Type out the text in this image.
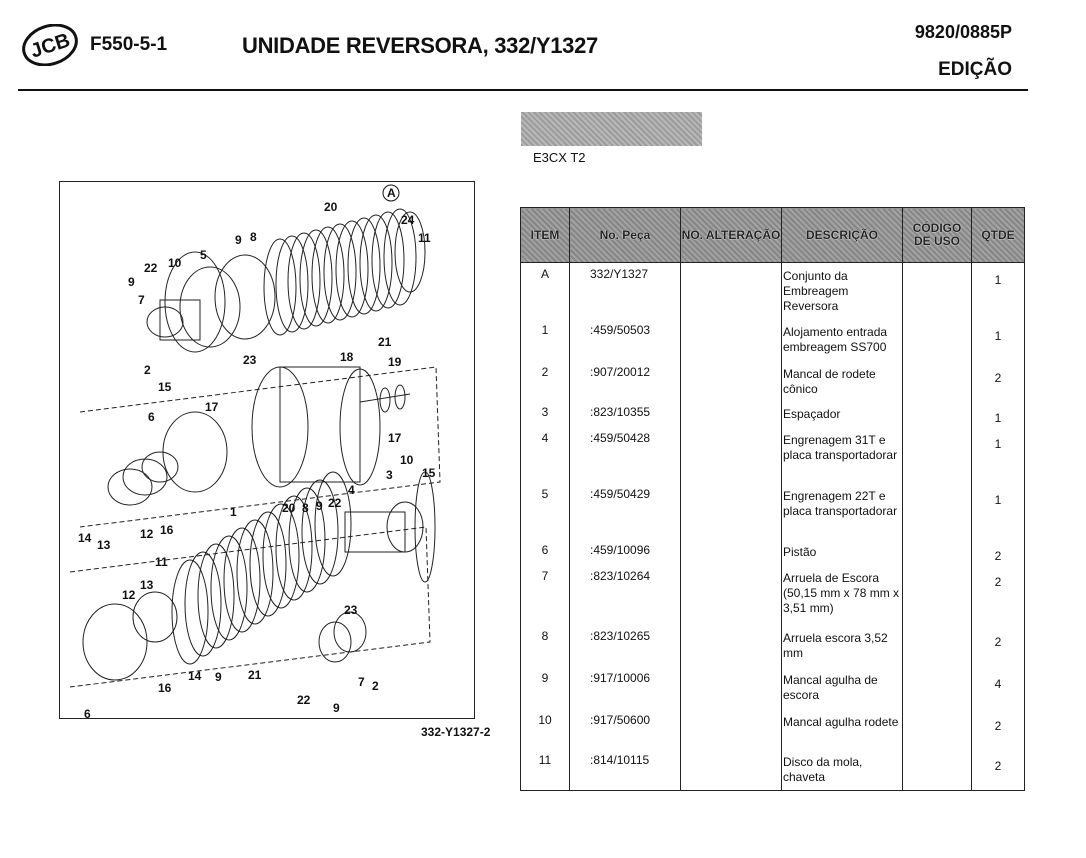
JCB F550-5-1	UNIDADE REVERSORA, 332/Y1327
9820/0885P
EDIÇÃO
E3CX T2
A
1
2
3
4
5
6
7
8
9
10
11
12
13
14
15
16
17
18	19
20
21
22
23
24
9
10
15
20 8 9 22
11
13
12
23
14 9 21
16
6
22
9
7 2
17
332-Y1327-2
ITEM	No. Peça	NO. ALTERAÇÃO	DESCRIÇÃO	CÓDIGO DE USO	QTDE
A	332/Y1327		Conjunto da Embreagem Reversora		1
1	:459/50503		Alojamento entrada embreagem SS700		1
2	:907/20012		Mancal de rodete cônico		2
3	:823/10355		Espaçador		1
4	:459/50428		Engrenagem 31T e placa transportadorar		1
5	:459/50429		Engrenagem 22T e placa transportadorar		1
6	:459/10096		Pistão		2
7	:823/10264		Arruela de Escora (50,15 mm x 78 mm x 3,51 mm)		2
8	:823/10265		Arruela escora 3,52 mm		2
9	:917/10006		Mancal agulha de escora		4
10	:917/50600		Mancal agulha rodete		2
11	:814/10115		Disco da mola, chaveta		2
